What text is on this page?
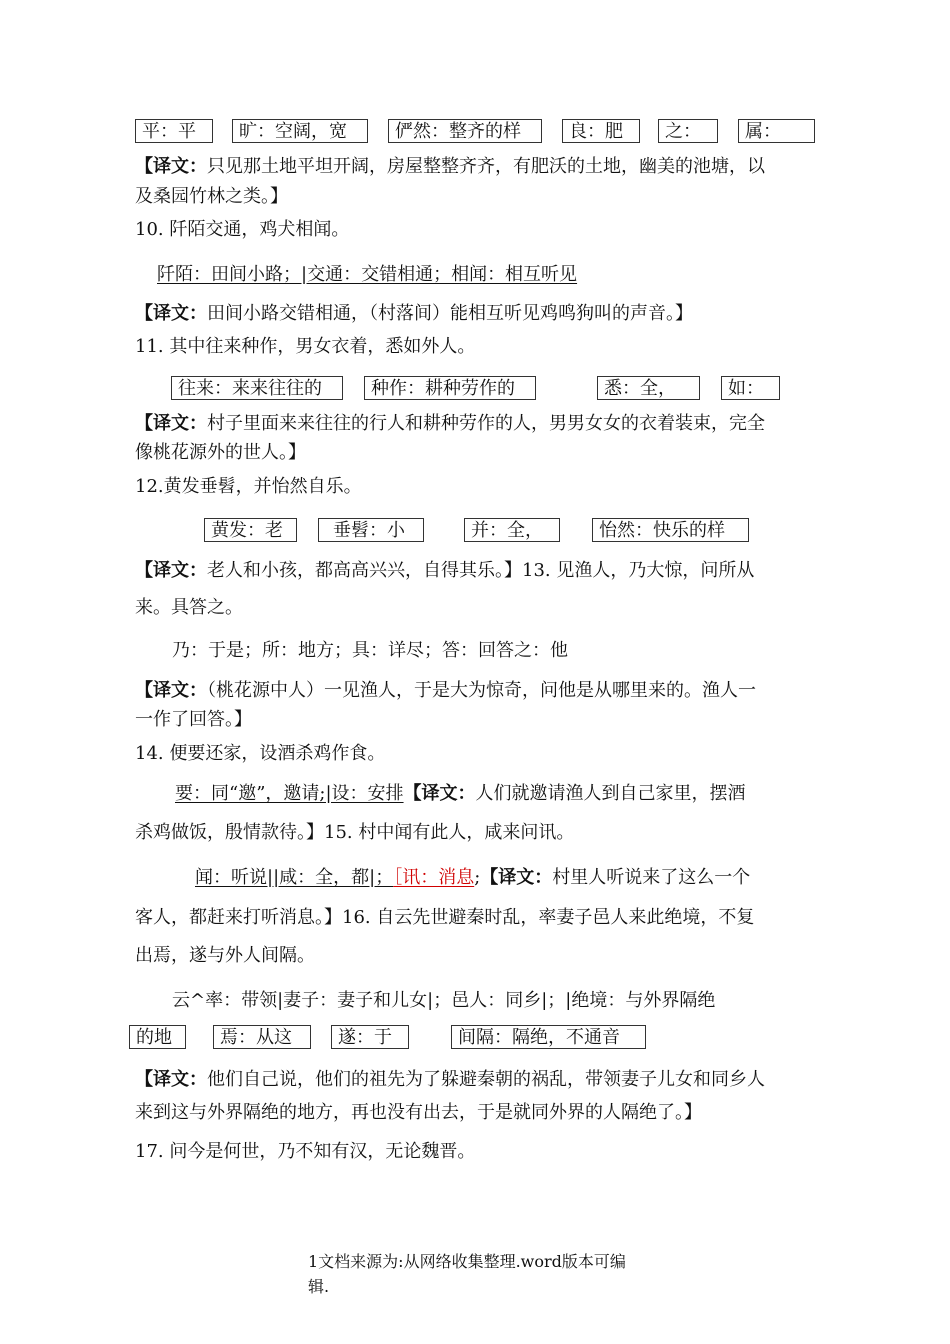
平：平	旷：空阔，宽	俨然：整齐的样	良：肥	之：	属：
【译文：只见那土地平坦开阔，房屋整整齐齐，有肥沃的土地，幽美的池塘，以
及桑园竹林之类。】
10. 阡陌交通，鸡犬相闻。
阡陌：田间小路；|交通：交错相通；相闻：相互听见
【译文：田间小路交错相通，（村落间）能相互听见鸡鸣狗叫的声音。】
11. 其中往来种作，男女衣着，悉如外人。
往来：来来往往的	种作：耕种劳作的	悉：全，	如：
【译文：村子里面来来往往的行人和耕种劳作的人，男男女女的衣着装束，完全
像桃花源外的世人。】
12.黄发垂髫，并怡然自乐。
黄发：老	垂髫：小	并：全，	怡然：快乐的样
【译文：老人和小孩，都高高兴兴，自得其乐。】13. 见渔人，乃大惊，问所从
来。具答之。
乃：于是；所：地方；具：详尽；答：回答之：他
【译文：（桃花源中人）一见渔人，于是大为惊奇，问他是从哪里来的。渔人一
一作了回答。】
14. 便要还家，设酒杀鸡作食。
要：同“邀”，邀请;|设：安排【译文：人们就邀请渔人到自己家里，摆酒
杀鸡做饭，殷情款待。】15. 村中闻有此人，咸来问讯。
闻：听说||咸：全，都|；［讯：消息;【译文：村里人听说来了这么一个
客人，都赶来打听消息。】16. 自云先世避秦时乱，率妻子邑人来此绝境，不复
出焉，遂与外人间隔。
云^率：带领|妻子：妻子和儿女|；邑人：同乡|；|绝境：与外界隔绝
的地	焉：从这	遂：于	间隔：隔绝，不通音
【译文：他们自己说，他们的祖先为了躲避秦朝的祸乱，带领妻子儿女和同乡人
来到这与外界隔绝的地方，再也没有出去，于是就同外界的人隔绝了。】
17. 问今是何世，乃不知有汉，无论魏晋。
1文档来源为:从网络收集整理.word版本可编
辑.
